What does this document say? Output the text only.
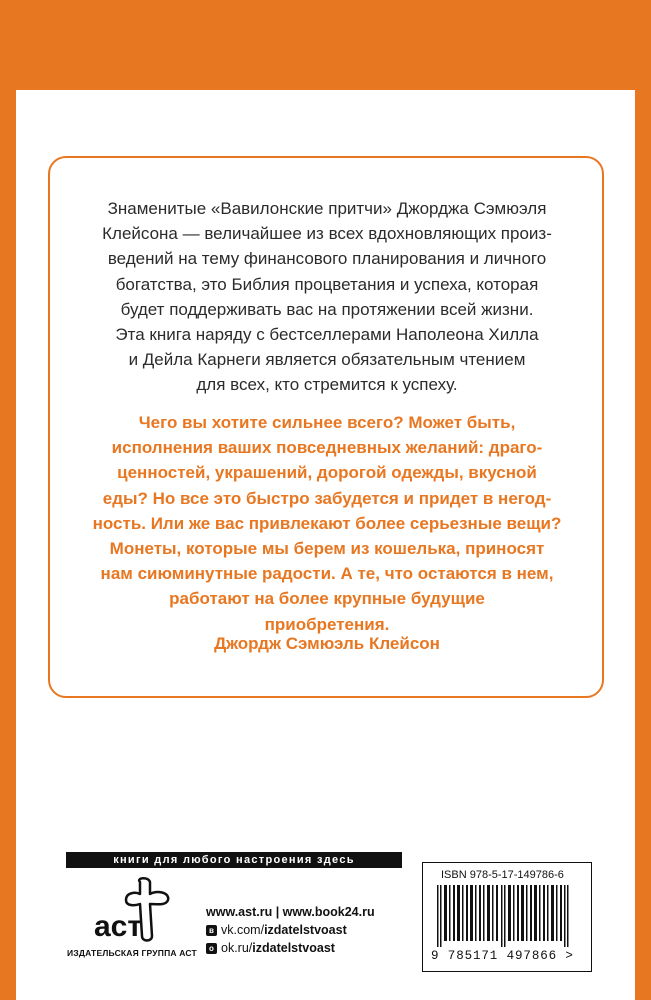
Знаменитые «Вавилонские притчи» Джорджа Сэмюэля
Клейсона — величайшее из всех вдохновляющих произ-
ведений на тему финансового планирования и личного
богатства, это Библия процветания и успеха, которая
будет поддерживать вас на протяжении всей жизни.
Эта книга наряду с бестселлерами Наполеона Хилла
и Дейла Карнеги является обязательным чтением
для всех, кто стремится к успеху.

Чего вы хотите сильнее всего? Может быть,
исполнения ваших повседневных желаний: драго-
ценностей, украшений, дорогой одежды, вкусной
еды? Но все это быстро забудется и придет в негод-
ность. Или же вас привлекают более серьезные вещи?
Монеты, которые мы берем из кошелька, приносят
нам сиюминутные радости. А те, что остаются в нем,
работают на более крупные будущие
приобретения.

Джордж Сэмюэль Клейсон

книги для любого настроения здесь
аст
ИЗДАТЕЛЬСКАЯ ГРУППА АСТ
www.ast.ru | www.book24.ru
в vk.com/ izdatelstvoast
о ok.ru/ izdatelstvoast
ISBN 978-5-17-149786-6
9 785171 497866 >
